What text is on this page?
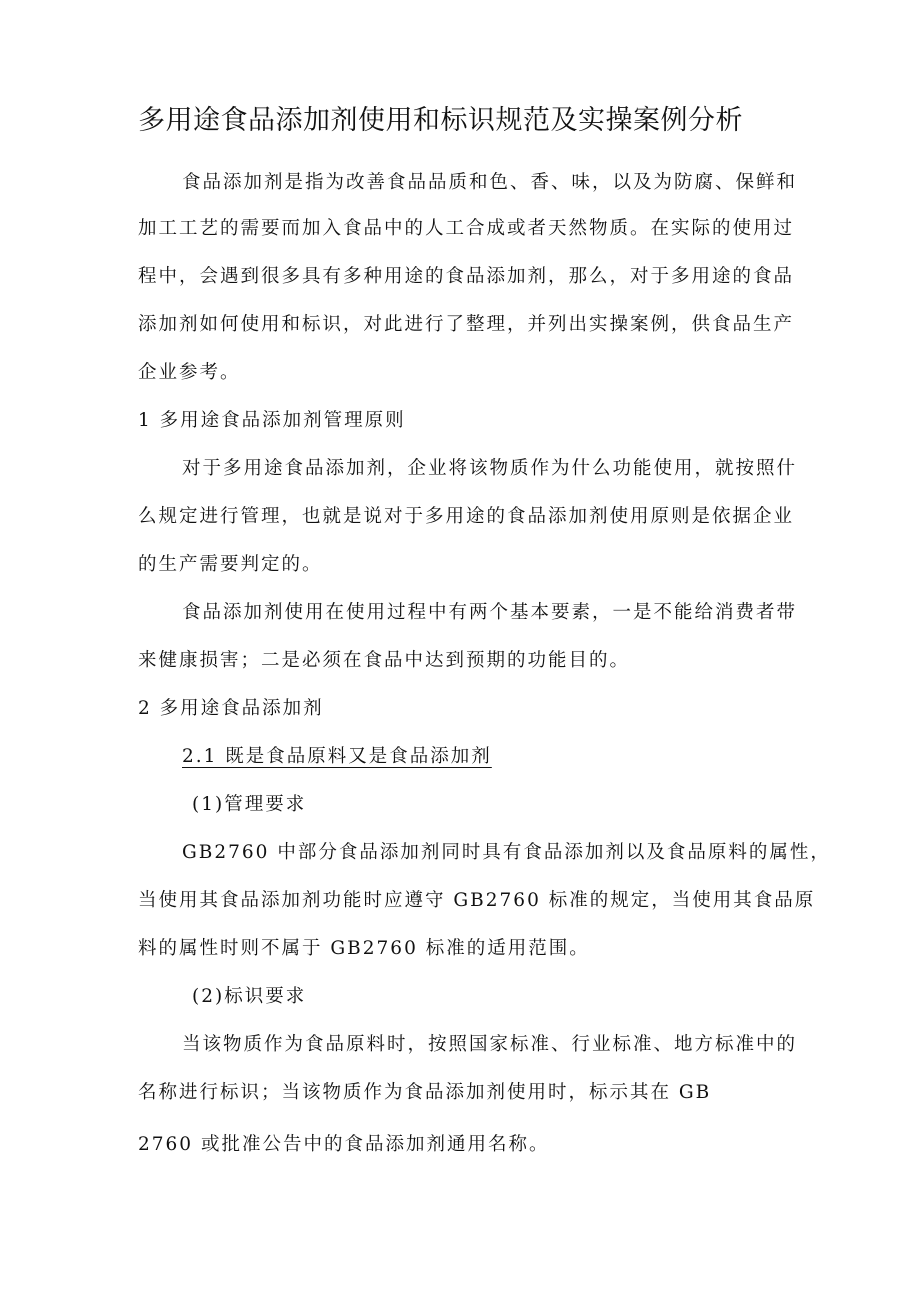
多用途食品添加剂使用和标识规范及实操案例分析
食品添加剂是指为改善食品品质和色、香、味，以及为防腐、保鲜和
加工工艺的需要而加入食品中的人工合成或者天然物质。在实际的使用过
程中，会遇到很多具有多种用途的食品添加剂，那么，对于多用途的食品
添加剂如何使用和标识，对此进行了整理，并列出实操案例，供食品生产
企业参考。
1 多用途食品添加剂管理原则
对于多用途食品添加剂，企业将该物质作为什么功能使用，就按照什
么规定进行管理，也就是说对于多用途的食品添加剂使用原则是依据企业
的生产需要判定的。
食品添加剂使用在使用过程中有两个基本要素，一是不能给消费者带
来健康损害；二是必须在食品中达到预期的功能目的。
2 多用途食品添加剂
2.1 既是食品原料又是食品添加剂
(1)管理要求
GB2760 中部分食品添加剂同时具有食品添加剂以及食品原料的属性，
当使用其食品添加剂功能时应遵守 GB2760 标准的规定，当使用其食品原
料的属性时则不属于 GB2760 标准的适用范围。
(2)标识要求
当该物质作为食品原料时，按照国家标准、行业标准、地方标准中的
名称进行标识；当该物质作为食品添加剂使用时，标示其在 GB
2760 或批准公告中的食品添加剂通用名称。
